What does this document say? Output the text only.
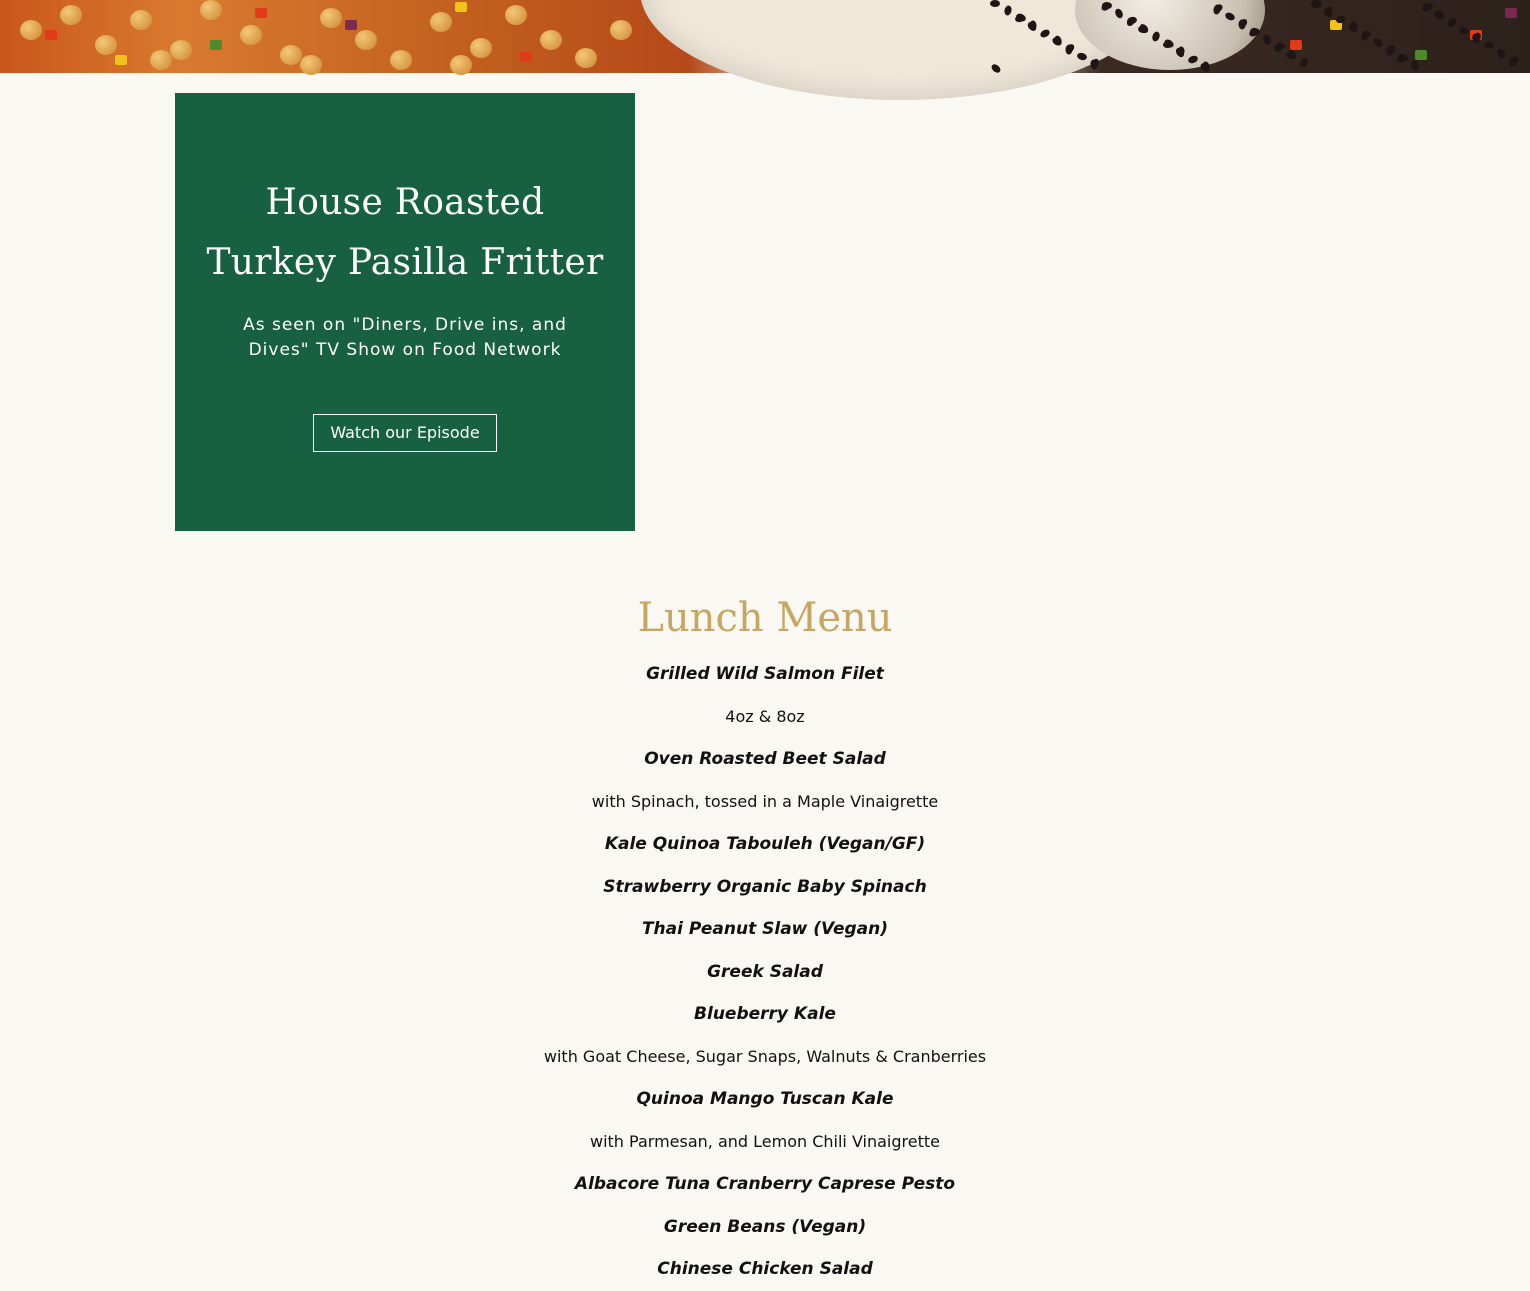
House Roasted Turkey Pasilla Fritter

As seen on "Diners, Drive ins, and Dives" TV Show on Food Network

Watch our Episode
Lunch Menu
Grilled Wild Salmon Filet
4oz & 8oz
Oven Roasted Beet Salad
with Spinach, tossed in a Maple Vinaigrette
Kale Quinoa Tabouleh (Vegan/GF)
Strawberry Organic Baby Spinach
Thai Peanut Slaw (Vegan)
Greek Salad
Blueberry Kale
with Goat Cheese, Sugar Snaps, Walnuts & Cranberries
Quinoa Mango Tuscan Kale
with Parmesan, and Lemon Chili Vinaigrette
Albacore Tuna Cranberry Caprese Pesto
Green Beans (Vegan)
Chinese Chicken Salad
